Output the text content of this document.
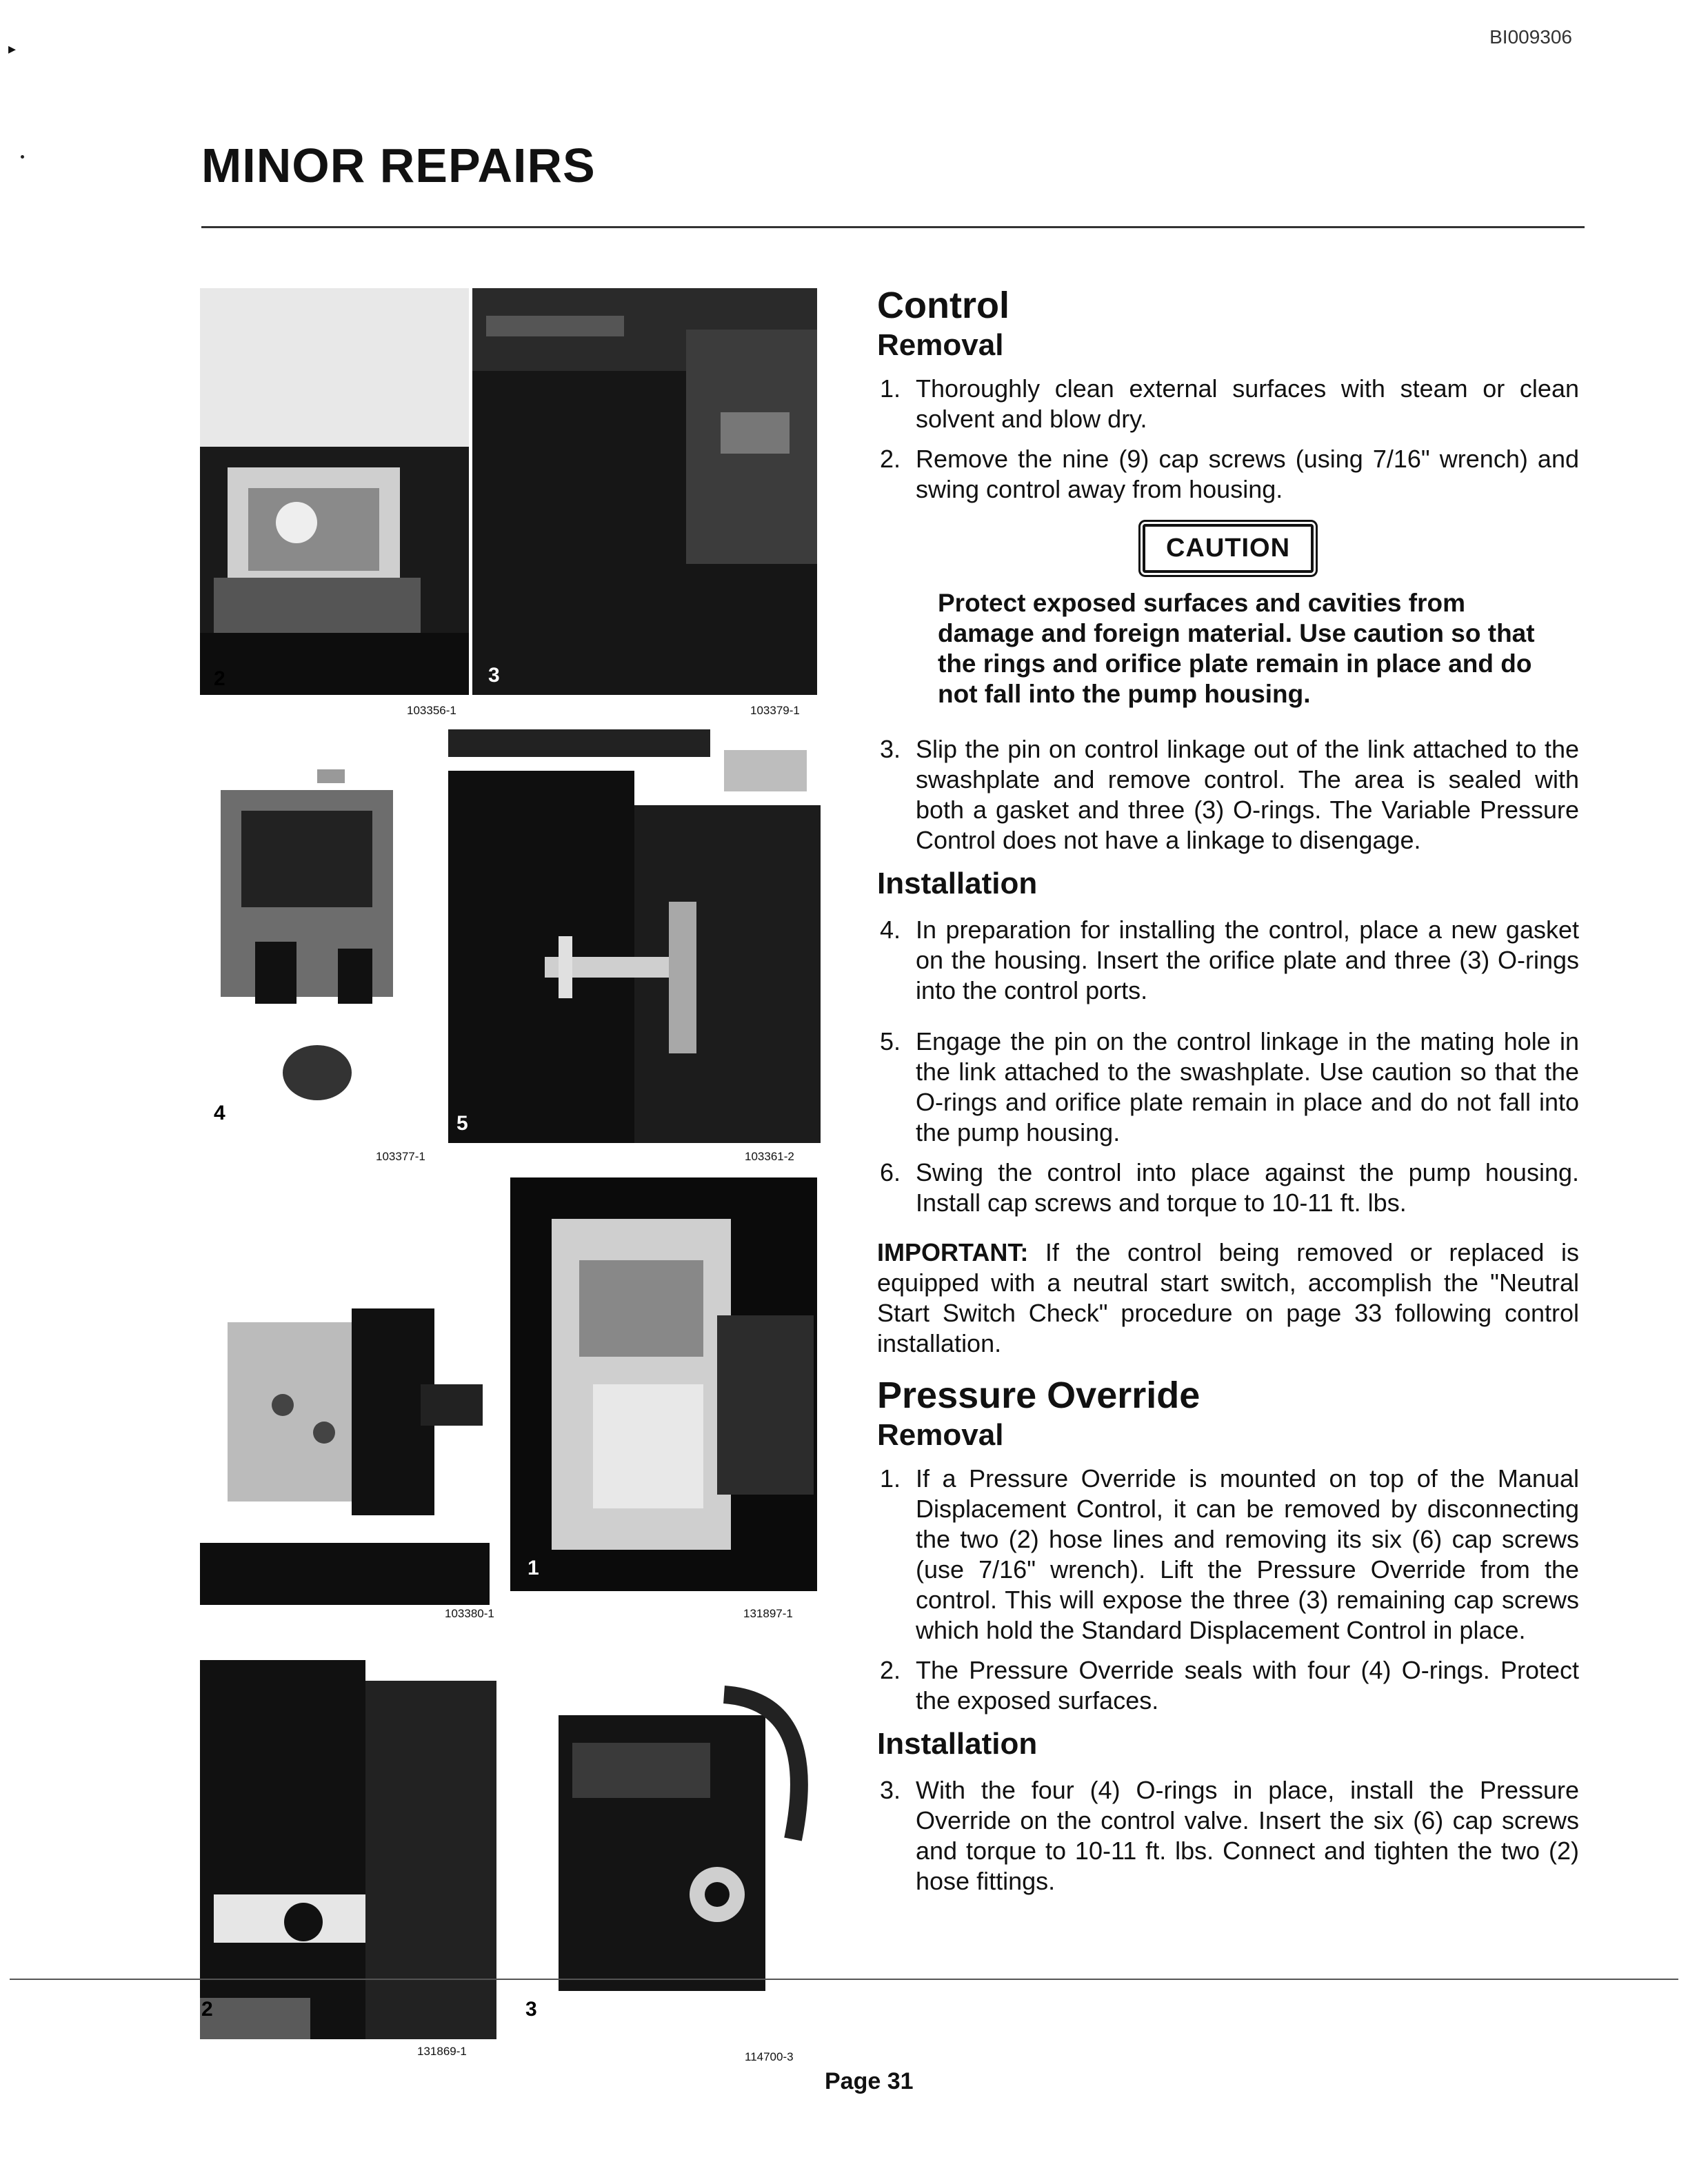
BI009306
▸
MINOR REPAIRS
2	3
103356-1	103379-1
4	5
103377-1	103361-2
1
103380-1	131897-1
2	3
131869-1	114700-3
Control
Removal
1. Thoroughly clean external surfaces with steam or clean solvent and blow dry.
2. Remove the nine (9) cap screws (using 7/16" wrench) and swing control away from housing.
CAUTION
Protect exposed surfaces and cavities from damage and foreign material. Use caution so that the rings and orifice plate remain in place and do not fall into the pump housing.
3. Slip the pin on control linkage out of the link attached to the swashplate and remove control. The area is sealed with both a gasket and three (3) O-rings. The Variable Pressure Control does not have a linkage to disengage.
Installation
4. In preparation for installing the control, place a new gasket on the housing. Insert the orifice plate and three (3) O-rings into the control ports.
5. Engage the pin on the control linkage in the mating hole in the link attached to the swashplate. Use caution so that the O-rings and orifice plate remain in place and do not fall into the pump housing.
6. Swing the control into place against the pump housing. Install cap screws and torque to 10-11 ft. lbs.
IMPORTANT: If the control being removed or replaced is equipped with a neutral start switch, accomplish the "Neutral Start Switch Check" procedure on page 33 following control installation.
Pressure Override
Removal
1. If a Pressure Override is mounted on top of the Manual Displacement Control, it can be removed by disconnecting the two (2) hose lines and removing its six (6) cap screws (use 7/16" wrench). Lift the Pressure Override from the control. This will expose the three (3) remaining cap screws which hold the Standard Displacement Control in place.
2. The Pressure Override seals with four (4) O-rings. Protect the exposed surfaces.
Installation
3. With the four (4) O-rings in place, install the Pressure Override on the control valve. Insert the six (6) cap screws and torque to 10-11 ft. lbs. Connect and tighten the two (2) hose fittings.
Page 31
